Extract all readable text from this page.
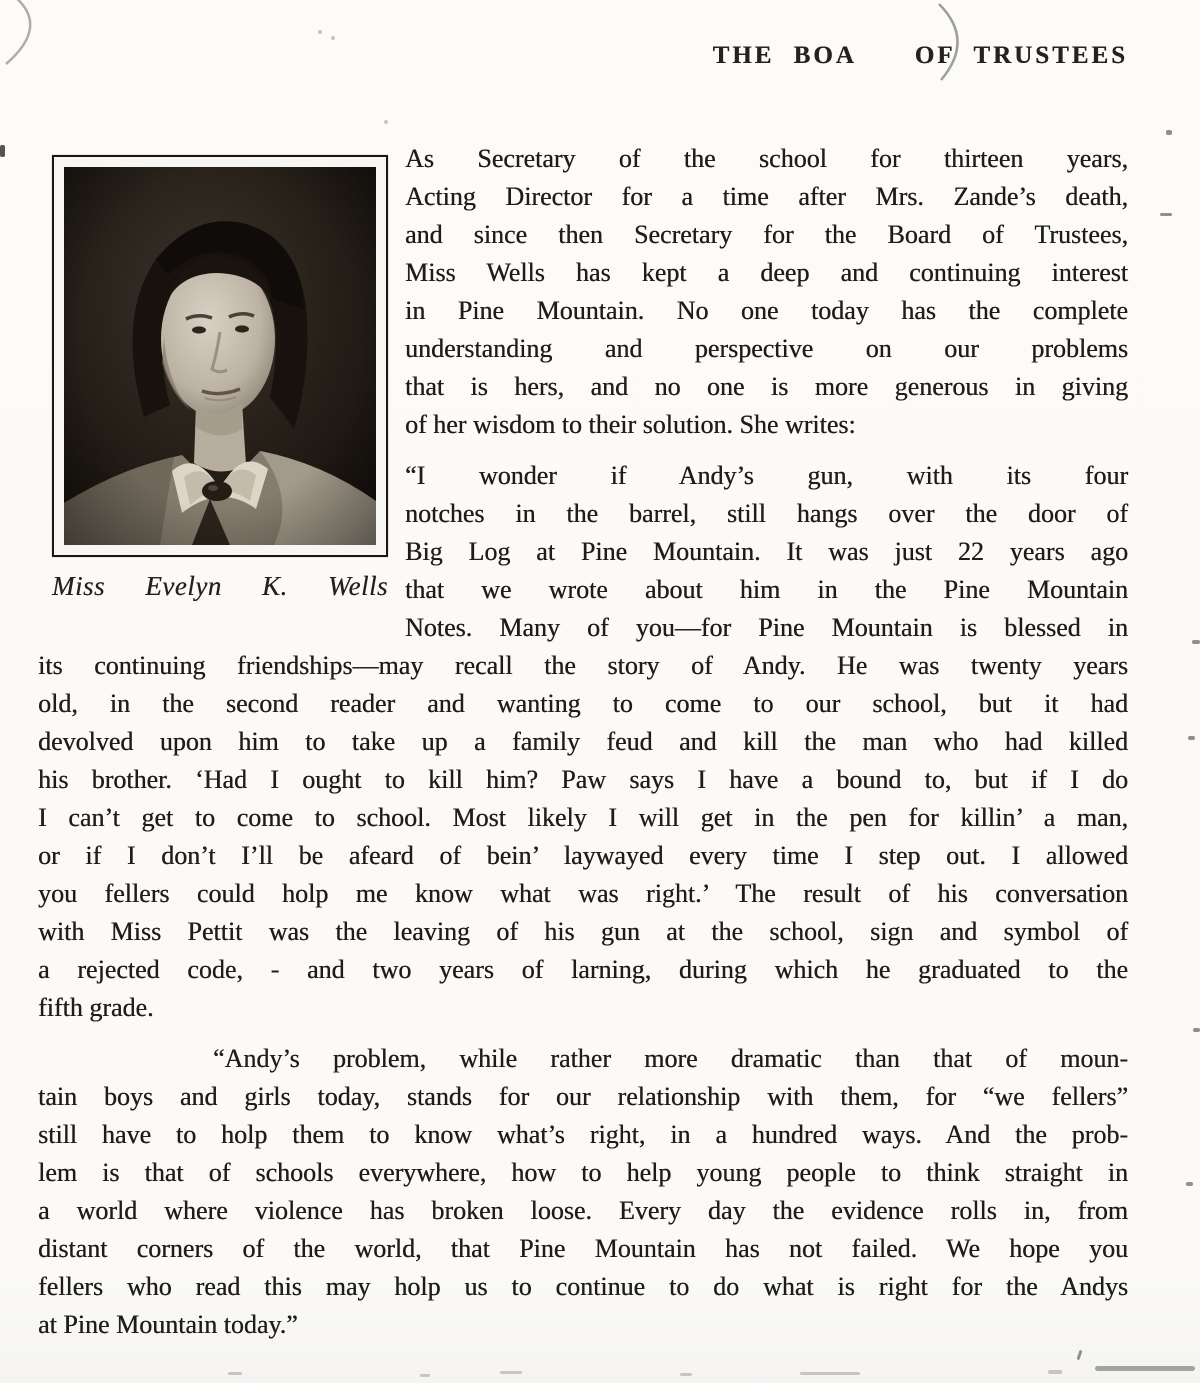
THE BOA OF TRUSTEES
Miss Evelyn K. Wells
As Secretary of the school for thirteen years,
Acting Director for a time after Mrs. Zande’s death,
and since then Secretary for the Board of Trustees,
Miss Wells has kept a deep and continuing interest
in Pine Mountain. No one today has the complete
understanding and perspective on our problems
that is hers, and no one is more generous in giving
of her wisdom to their solution. She writes:
“I wonder if Andy’s gun, with its four
notches in the barrel, still hangs over the door of
Big Log at Pine Mountain. It was just 22 years ago
that we wrote about him in the Pine Mountain
Notes. Many of you—for Pine Mountain is blessed in
its continuing friendships—may recall the story of Andy. He was twenty years
old, in the second reader and wanting to come to our school, but it had
devolved upon him to take up a family feud and kill the man who had killed
his brother. ‘Had I ought to kill him? Paw says I have a bound to, but if I do
I can’t get to come to school. Most likely I will get in the pen for killin’ a man,
or if I don’t I’ll be afeard of bein’ laywayed every time I step out. I allowed
you fellers could holp me know what was right.’ The result of his conversation
with Miss Pettit was the leaving of his gun at the school, sign and symbol of
a rejected code, - and two years of larning, during which he graduated to the
fifth grade.
“Andy’s problem, while rather more dramatic than that of moun-
tain boys and girls today, stands for our relationship with them, for “we fellers”
still have to holp them to know what’s right, in a hundred ways. And the prob-
lem is that of schools everywhere, how to help young people to think straight in
a world where violence has broken loose. Every day the evidence rolls in, from
distant corners of the world, that Pine Mountain has not failed. We hope you
fellers who read this may holp us to continue to do what is right for the Andys
at Pine Mountain today.”
